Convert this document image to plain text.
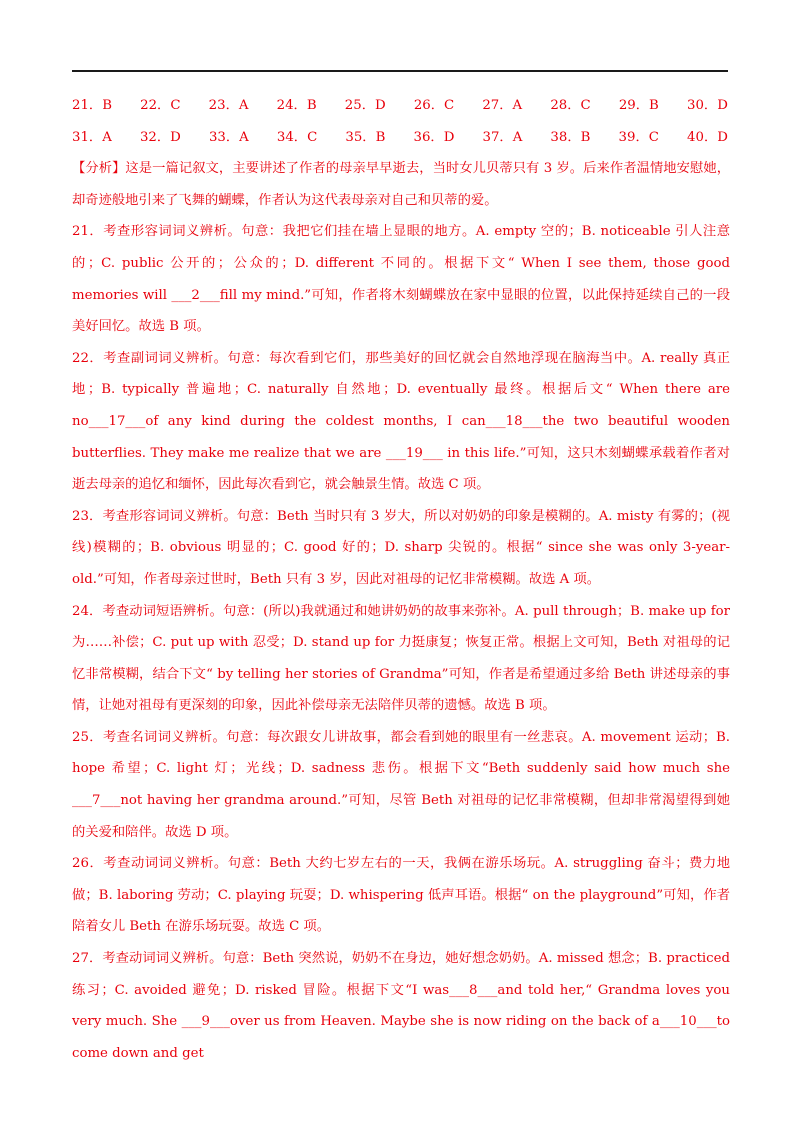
21．B 22．C 23．A 24．B 25．D 26．C 27．A 28．C 29．B 30．D
31．A 32．D 33．A 34．C 35．B 36．D 37．A 38．B 39．C 40．D

【分析】这是一篇记叙文，主要讲述了作者的母亲早早逝去，当时女儿贝蒂只有 3 岁。后来作者温情地安慰她，却奇迹般地引来了飞舞的蝴蝶，作者认为这代表母亲对自己和贝蒂的爱。

21．考查形容词词义辨析。句意：我把它们挂在墙上显眼的地方。A. empty 空的；B. noticeable 引人注意的；C. public 公开的；公众的；D. different 不同的。根据下文“ When I see them, those good memories will ___2___fill my mind.”可知，作者将木刻蝴蝶放在家中显眼的位置，以此保持延续自己的一段美好回忆。故选 B 项。

22．考查副词词义辨析。句意：每次看到它们，那些美好的回忆就会自然地浮现在脑海当中。A. really 真正地；B. typically 普遍地；C. naturally 自然地；D. eventually 最终。根据后文“ When there are no___17___of any kind during the coldest months, I can___18___the two beautiful wooden butterflies. They make me realize that we are ___19___ in this life.”可知，这只木刻蝴蝶承载着作者对逝去母亲的追忆和缅怀，因此每次看到它，就会触景生情。故选 C 项。

23．考查形容词词义辨析。句意：Beth 当时只有 3 岁大，所以对奶奶的印象是模糊的。A. misty 有雾的；(视线)模糊的；B. obvious 明显的；C. good 好的；D. sharp 尖锐的。根据“ since she was only 3-year-old.”可知，作者母亲过世时，Beth 只有 3 岁，因此对祖母的记忆非常模糊。故选 A 项。

24．考查动词短语辨析。句意：(所以)我就通过和她讲奶奶的故事来弥补。A. pull through；B. make up for 为……补偿；C. put up with 忍受；D. stand up for 力挺康复；恢复正常。根据上文可知，Beth 对祖母的记忆非常模糊，结合下文“ by telling her stories of Grandma”可知，作者是希望通过多给 Beth 讲述母亲的事情，让她对祖母有更深刻的印象，因此补偿母亲无法陪伴贝蒂的遗憾。故选 B 项。

25．考查名词词义辨析。句意：每次跟女儿讲故事，都会看到她的眼里有一丝悲哀。A. movement 运动；B. hope 希望；C. light 灯；光线；D. sadness 悲伤。根据下文“Beth suddenly said how much she ___7___not having her grandma around.”可知，尽管 Beth 对祖母的记忆非常模糊，但却非常渴望得到她的关爱和陪伴。故选 D 项。

26．考查动词词义辨析。句意：Beth 大约七岁左右的一天，我俩在游乐场玩。A. struggling 奋斗；费力地做；B. laboring 劳动；C. playing 玩耍；D. whispering 低声耳语。根据“ on the playground”可知，作者陪着女儿 Beth 在游乐场玩耍。故选 C 项。

27．考查动词词义辨析。句意：Beth 突然说，奶奶不在身边，她好想念奶奶。A. missed 想念；B. practiced 练习；C. avoided 避免；D. risked 冒险。根据下文“I was___8___and told her,“ Grandma loves you very much. She ___9___over us from Heaven. Maybe she is now riding on the back of a___10___to come down and get
